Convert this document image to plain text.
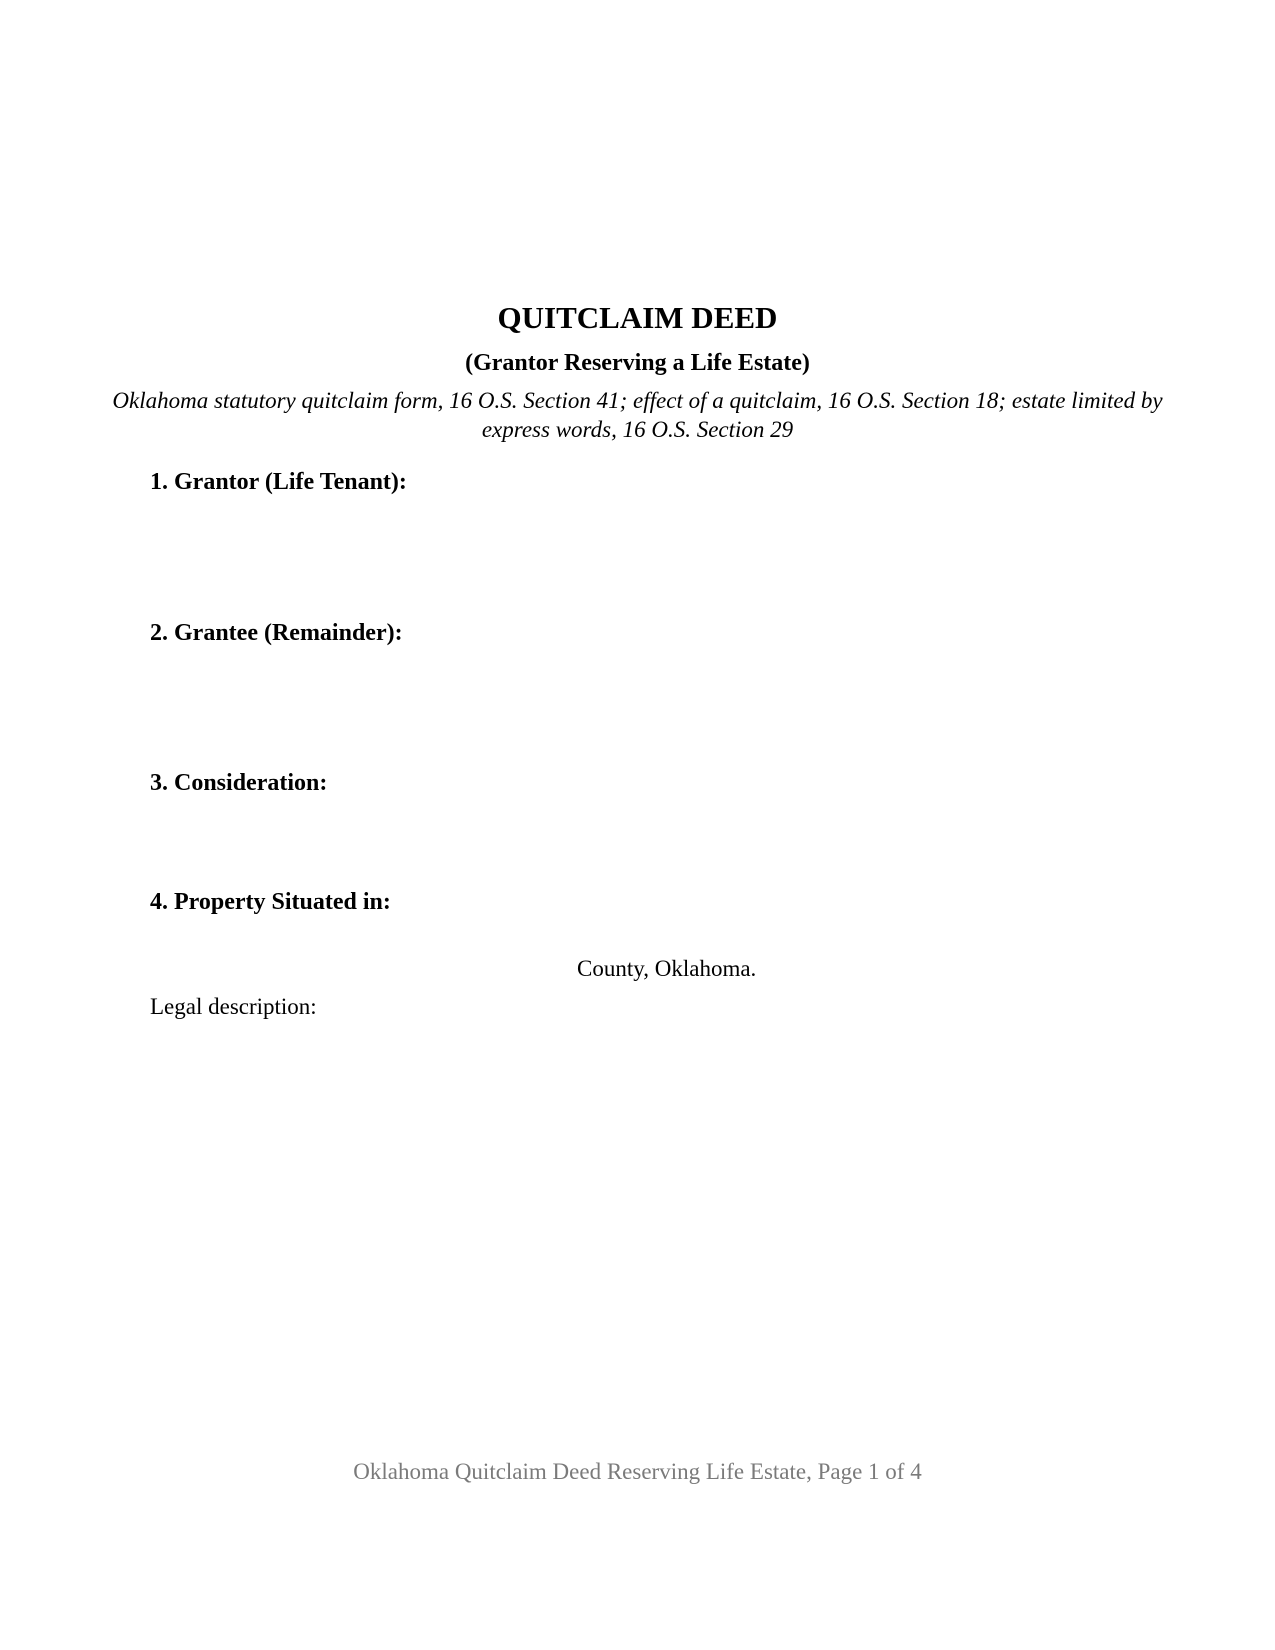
QUITCLAIM DEED
(Grantor Reserving a Life Estate)
Oklahoma statutory quitclaim form, 16 O.S. Section 41; effect of a quitclaim, 16 O.S. Section 18; estate limited by express words, 16 O.S. Section 29
1. Grantor (Life Tenant):
2. Grantee (Remainder):
3. Consideration:
4. Property Situated in:
County, Oklahoma.
Legal description:
Oklahoma Quitclaim Deed Reserving Life Estate, Page 1 of 4
